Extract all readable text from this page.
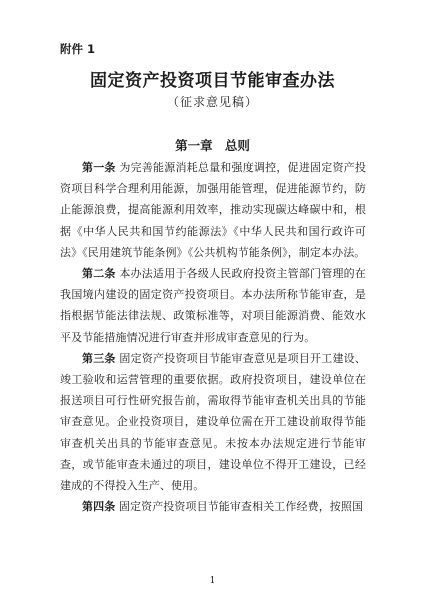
附件 1
固定资产投资项目节能审查办法
（征求意见稿）
第一章 总则

第一条 为完善能源消耗总量和强度调控，促进固定资产投资项目科学合理利用能源，加强用能管理，促进能源节约，防止能源浪费，提高能源利用效率，推动实现碳达峰碳中和，根据《中华人民共和国节约能源法》《中华人民共和国行政许可法》《民用建筑节能条例》《公共机构节能条例》，制定本办法。

第二条 本办法适用于各级人民政府投资主管部门管理的在我国境内建设的固定资产投资项目。本办法所称节能审查，是指根据节能法律法规、政策标准等，对项目能源消费、能效水平及节能措施情况进行审查并形成审查意见的行为。

第三条 固定资产投资项目节能审查意见是项目开工建设、竣工验收和运营管理的重要依据。政府投资项目，建设单位在报送项目可行性研究报告前，需取得节能审查机关出具的节能审查意见。企业投资项目，建设单位需在开工建设前取得节能审查机关出具的节能审查意见。未按本办法规定进行节能审查，或节能审查未通过的项目，建设单位不得开工建设，已经建成的不得投入生产、使用。

第四条 固定资产投资项目节能审查相关工作经费，按照国

1
